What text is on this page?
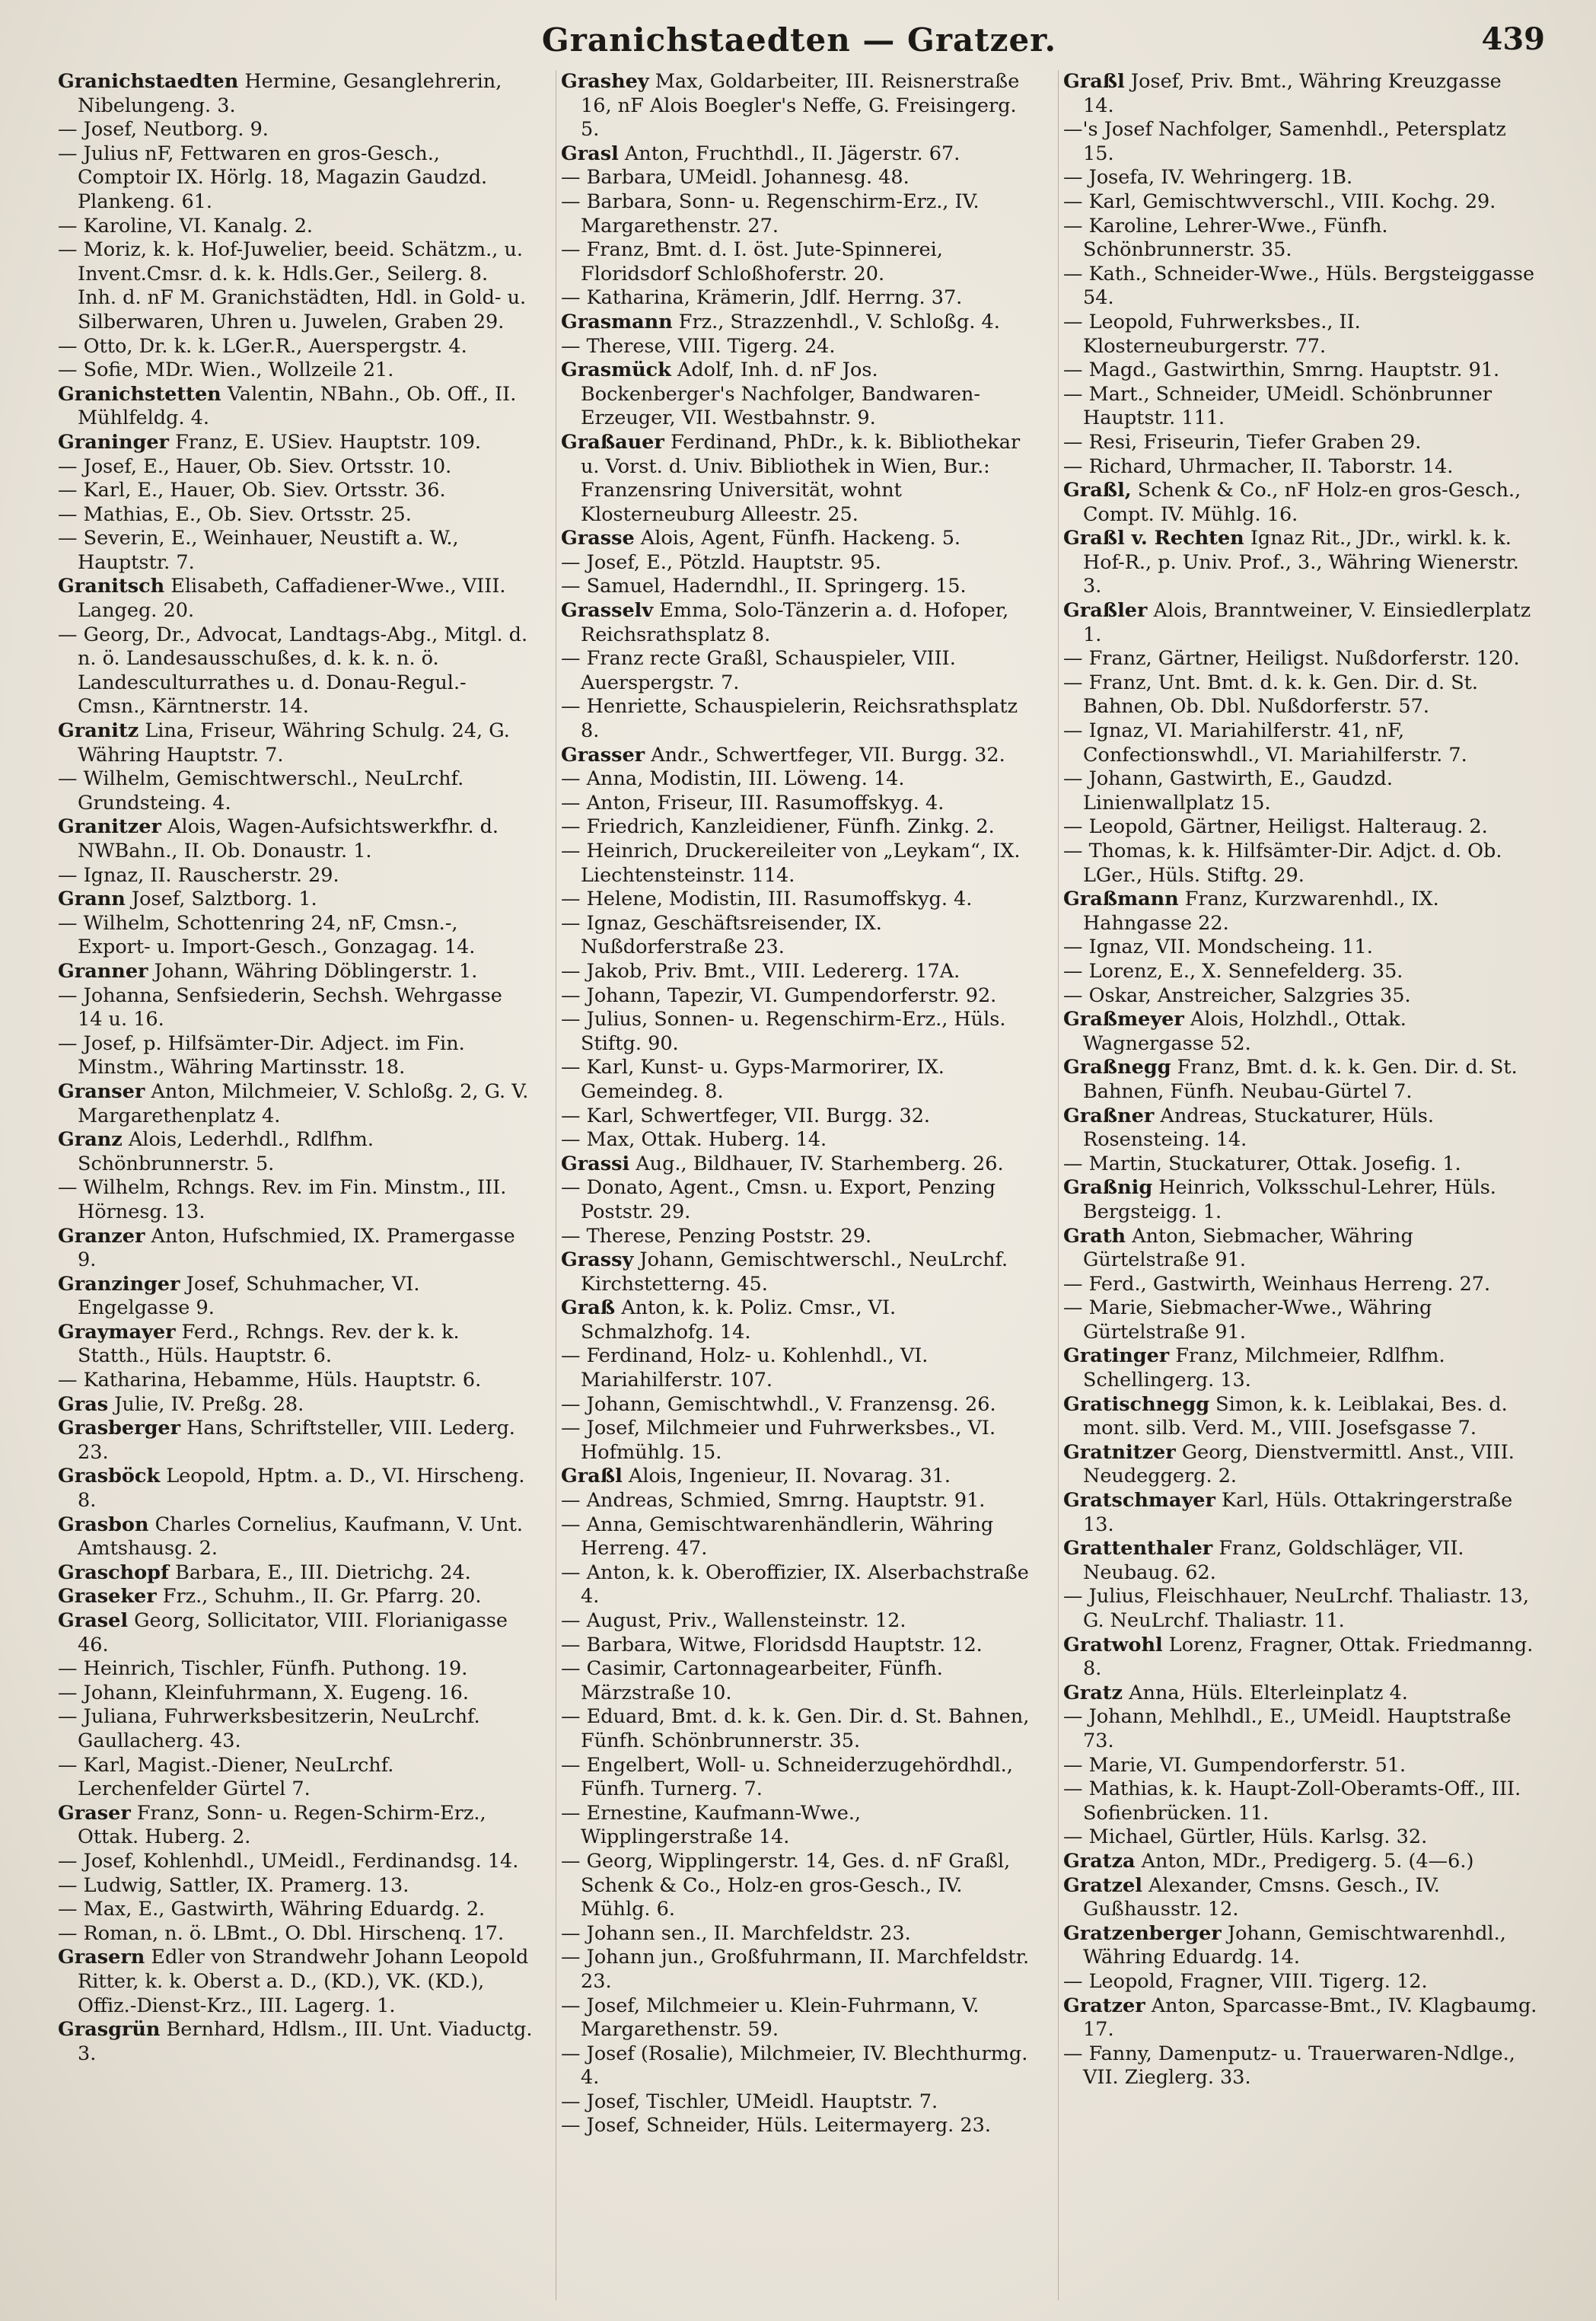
Granichstaedten — Gratzer.	439

Granichstaedten Hermine, Gesanglehrerin, Nibelungeng. 3.

— Josef, Neutborg. 9.

— Julius nF, Fettwaren en gros-Gesch., Comptoir IX. Hörlg. 18, Magazin Gaudzd. Plankeng. 61.

— Karoline, VI. Kanalg. 2.

— Moriz, k. k. Hof-Juwelier, beeid. Schätzm., u. Invent.Cmsr. d. k. k. Hdls.Ger., Seilerg. 8. Inh. d. nF M. Granichstädten, Hdl. in Gold- u. Silberwaren, Uhren u. Juwelen, Graben 29.

— Otto, Dr. k. k. LGer.R., Auerspergstr. 4.

— Sofie, MDr. Wien., Wollzeile 21.

Granichstetten Valentin, NBahn., Ob. Off., II. Mühlfeldg. 4.

Graninger Franz, E. USiev. Hauptstr. 109.

— Josef, E., Hauer, Ob. Siev. Ortsstr. 10.

— Karl, E., Hauer, Ob. Siev. Ortsstr. 36.

— Mathias, E., Ob. Siev. Ortsstr. 25.

— Severin, E., Weinhauer, Neustift a. W., Hauptstr. 7.

Granitsch Elisabeth, Caffadiener-Wwe., VIII. Langeg. 20.

— Georg, Dr., Advocat, Landtags-Abg., Mitgl. d. n. ö. Landesausschußes, d. k. k. n. ö. Landesculturrathes u. d. Donau-Regul.-Cmsn., Kärntnerstr. 14.

Granitz Lina, Friseur, Währing Schulg. 24, G. Währing Hauptstr. 7.

— Wilhelm, Gemischtwerschl., NeuLrchf. Grundsteing. 4.

Granitzer Alois, Wagen-Aufsichtswerkfhr. d. NWBahn., II. Ob. Donaustr. 1.

— Ignaz, II. Rauscherstr. 29.

Grann Josef, Salztborg. 1.

— Wilhelm, Schottenring 24, nF, Cmsn.-, Export- u. Import-Gesch., Gonzagag. 14.

Granner Johann, Währing Döblingerstr. 1.

— Johanna, Senfsiederin, Sechsh. Wehrgasse 14 u. 16.

— Josef, p. Hilfsämter-Dir. Adject. im Fin. Minstm., Währing Martinsstr. 18.

Granser Anton, Milchmeier, V. Schloßg. 2, G. V. Margarethenplatz 4.

Granz Alois, Lederhdl., Rdlfhm. Schönbrunnerstr. 5.

— Wilhelm, Rchngs. Rev. im Fin. Minstm., III. Hörnesg. 13.

Granzer Anton, Hufschmied, IX. Pramergasse 9.

Granzinger Josef, Schuhmacher, VI. Engelgasse 9.

Graymayer Ferd., Rchngs. Rev. der k. k. Statth., Hüls. Hauptstr. 6.

— Katharina, Hebamme, Hüls. Hauptstr. 6.

Gras Julie, IV. Preßg. 28.

Grasberger Hans, Schriftsteller, VIII. Lederg. 23.

Grasböck Leopold, Hptm. a. D., VI. Hirscheng. 8.

Grasbon Charles Cornelius, Kaufmann, V. Unt. Amtshausg. 2.

Graschopf Barbara, E., III. Dietrichg. 24.

Graseker Frz., Schuhm., II. Gr. Pfarrg. 20.

Grasel Georg, Sollicitator, VIII. Florianigasse 46.

— Heinrich, Tischler, Fünfh. Puthong. 19.

— Johann, Kleinfuhrmann, X. Eugeng. 16.

— Juliana, Fuhrwerksbesitzerin, NeuLrchf. Gaullacherg. 43.

— Karl, Magist.-Diener, NeuLrchf. Lerchenfelder Gürtel 7.

Graser Franz, Sonn- u. Regen-Schirm-Erz., Ottak. Huberg. 2.

— Josef, Kohlenhdl., UMeidl., Ferdinandsg. 14.

— Ludwig, Sattler, IX. Pramerg. 13.

— Max, E., Gastwirth, Währing Eduardg. 2.

— Roman, n. ö. LBmt., O. Dbl. Hirschenq. 17.

Grasern Edler von Strandwehr Johann Leopold Ritter, k. k. Oberst a. D., (KD.), VK. (KD.), Offiz.-Dienst-Krz., III. Lagerg. 1.

Grasgrün Bernhard, Hdlsm., III. Unt. Viaductg. 3.

Grashey Max, Goldarbeiter, III. Reisnerstraße 16, nF Alois Boegler's Neffe, G. Freisingerg. 5.

Grasl Anton, Fruchthdl., II. Jägerstr. 67.

— Barbara, UMeidl. Johannesg. 48.

— Barbara, Sonn- u. Regenschirm-Erz., IV. Margarethenstr. 27.

— Franz, Bmt. d. I. öst. Jute-Spinnerei, Floridsdorf Schloßhoferstr. 20.

— Katharina, Krämerin, Jdlf. Herrng. 37.

Grasmann Frz., Strazzenhdl., V. Schloßg. 4.

— Therese, VIII. Tigerg. 24.

Grasmück Adolf, Inh. d. nF Jos. Bockenberger's Nachfolger, Bandwaren-Erzeuger, VII. Westbahnstr. 9.

Graßauer Ferdinand, PhDr., k. k. Bibliothekar u. Vorst. d. Univ. Bibliothek in Wien, Bur.: Franzensring Universität, wohnt Klosterneuburg Alleestr. 25.

Grasse Alois, Agent, Fünfh. Hackeng. 5.

— Josef, E., Pötzld. Hauptstr. 95.

— Samuel, Haderndhl., II. Springerg. 15.

Grasselv Emma, Solo-Tänzerin a. d. Hofoper, Reichsrathsplatz 8.

— Franz recte Graßl, Schauspieler, VIII. Auerspergstr. 7.

— Henriette, Schauspielerin, Reichsrathsplatz 8.

Grasser Andr., Schwertfeger, VII. Burgg. 32.

— Anna, Modistin, III. Löweng. 14.

— Anton, Friseur, III. Rasumoffskyg. 4.

— Friedrich, Kanzleidiener, Fünfh. Zinkg. 2.

— Heinrich, Druckereileiter von „Leykam“, IX. Liechtensteinstr. 114.

— Helene, Modistin, III. Rasumoffskyg. 4.

— Ignaz, Geschäftsreisender, IX. Nußdorferstraße 23.

— Jakob, Priv. Bmt., VIII. Ledererg. 17A.

— Johann, Tapezir, VI. Gumpendorferstr. 92.

— Julius, Sonnen- u. Regenschirm-Erz., Hüls. Stiftg. 90.

— Karl, Kunst- u. Gyps-Marmorirer, IX. Gemeindeg. 8.

— Karl, Schwertfeger, VII. Burgg. 32.

— Max, Ottak. Huberg. 14.

Grassi Aug., Bildhauer, IV. Starhemberg. 26.

— Donato, Agent., Cmsn. u. Export, Penzing Poststr. 29.

— Therese, Penzing Poststr. 29.

Grassy Johann, Gemischtwerschl., NeuLrchf. Kirchstetterng. 45.

Graß Anton, k. k. Poliz. Cmsr., VI. Schmalzhofg. 14.

— Ferdinand, Holz- u. Kohlenhdl., VI. Mariahilferstr. 107.

— Johann, Gemischtwhdl., V. Franzensg. 26.

— Josef, Milchmeier und Fuhrwerksbes., VI. Hofmühlg. 15.

Graßl Alois, Ingenieur, II. Novarag. 31.

— Andreas, Schmied, Smrng. Hauptstr. 91.

— Anna, Gemischtwarenhändlerin, Währing Herreng. 47.

— Anton, k. k. Oberoffizier, IX. Alserbachstraße 4.

— August, Priv., Wallensteinstr. 12.

— Barbara, Witwe, Floridsdd Hauptstr. 12.

— Casimir, Cartonnagearbeiter, Fünfh. Märzstraße 10.

— Eduard, Bmt. d. k. k. Gen. Dir. d. St. Bahnen, Fünfh. Schönbrunnerstr. 35.

— Engelbert, Woll- u. Schneiderzugehördhdl., Fünfh. Turnerg. 7.

— Ernestine, Kaufmann-Wwe., Wipplingerstraße 14.

— Georg, Wipplingerstr. 14, Ges. d. nF Graßl, Schenk & Co., Holz-en gros-Gesch., IV. Mühlg. 6.

— Johann sen., II. Marchfeldstr. 23.

— Johann jun., Großfuhrmann, II. Marchfeldstr. 23.

— Josef, Milchmeier u. Klein-Fuhrmann, V. Margarethenstr. 59.

— Josef (Rosalie), Milchmeier, IV. Blechthurmg. 4.

— Josef, Tischler, UMeidl. Hauptstr. 7.

— Josef, Schneider, Hüls. Leitermayerg. 23.

Graßl Josef, Priv. Bmt., Währing Kreuzgasse 14.

—'s Josef Nachfolger, Samenhdl., Petersplatz 15.

— Josefa, IV. Wehringerg. 1B.

— Karl, Gemischtwverschl., VIII. Kochg. 29.

— Karoline, Lehrer-Wwe., Fünfh. Schönbrunnerstr. 35.

— Kath., Schneider-Wwe., Hüls. Bergsteiggasse 54.

— Leopold, Fuhrwerksbes., II. Klosterneuburgerstr. 77.

— Magd., Gastwirthin, Smrng. Hauptstr. 91.

— Mart., Schneider, UMeidl. Schönbrunner Hauptstr. 111.

— Resi, Friseurin, Tiefer Graben 29.

— Richard, Uhrmacher, II. Taborstr. 14.

Graßl, Schenk & Co., nF Holz-en gros-Gesch., Compt. IV. Mühlg. 16.

Graßl v. Rechten Ignaz Rit., JDr., wirkl. k. k. Hof-R., p. Univ. Prof., 3., Währing Wienerstr. 3.

Graßler Alois, Branntweiner, V. Einsiedlerplatz 1.

— Franz, Gärtner, Heiligst. Nußdorferstr. 120.

— Franz, Unt. Bmt. d. k. k. Gen. Dir. d. St. Bahnen, Ob. Dbl. Nußdorferstr. 57.

— Ignaz, VI. Mariahilferstr. 41, nF, Confectionswhdl., VI. Mariahilferstr. 7.

— Johann, Gastwirth, E., Gaudzd. Linienwallplatz 15.

— Leopold, Gärtner, Heiligst. Halteraug. 2.

— Thomas, k. k. Hilfsämter-Dir. Adjct. d. Ob. LGer., Hüls. Stiftg. 29.

Graßmann Franz, Kurzwarenhdl., IX. Hahngasse 22.

— Ignaz, VII. Mondscheing. 11.

— Lorenz, E., X. Sennefelderg. 35.

— Oskar, Anstreicher, Salzgries 35.

Graßmeyer Alois, Holzhdl., Ottak. Wagnergasse 52.

Graßnegg Franz, Bmt. d. k. k. Gen. Dir. d. St. Bahnen, Fünfh. Neubau-Gürtel 7.

Graßner Andreas, Stuckaturer, Hüls. Rosensteing. 14.

— Martin, Stuckaturer, Ottak. Josefig. 1.

Graßnig Heinrich, Volksschul-Lehrer, Hüls. Bergsteigg. 1.

Grath Anton, Siebmacher, Währing Gürtelstraße 91.

— Ferd., Gastwirth, Weinhaus Herreng. 27.

— Marie, Siebmacher-Wwe., Währing Gürtelstraße 91.

Gratinger Franz, Milchmeier, Rdlfhm. Schellingerg. 13.

Gratischnegg Simon, k. k. Leiblakai, Bes. d. mont. silb. Verd. M., VIII. Josefsgasse 7.

Gratnitzer Georg, Dienstvermittl. Anst., VIII. Neudeggerg. 2.

Gratschmayer Karl, Hüls. Ottakringerstraße 13.

Grattenthaler Franz, Goldschläger, VII. Neubaug. 62.

— Julius, Fleischhauer, NeuLrchf. Thaliastr. 13, G. NeuLrchf. Thaliastr. 11.

Gratwohl Lorenz, Fragner, Ottak. Friedmanng. 8.

Gratz Anna, Hüls. Elterleinplatz 4.

— Johann, Mehlhdl., E., UMeidl. Hauptstraße 73.

— Marie, VI. Gumpendorferstr. 51.

— Mathias, k. k. Haupt-Zoll-Oberamts-Off., III. Sofienbrücken. 11.

— Michael, Gürtler, Hüls. Karlsg. 32.

Gratza Anton, MDr., Predigerg. 5. (4—6.)

Gratzel Alexander, Cmsns. Gesch., IV. Gußhausstr. 12.

Gratzenberger Johann, Gemischtwarenhdl., Währing Eduardg. 14.

— Leopold, Fragner, VIII. Tigerg. 12.

Gratzer Anton, Sparcasse-Bmt., IV. Klagbaumg. 17.

— Fanny, Damenputz- u. Trauerwaren-Ndlge., VII. Zieglerg. 33.
